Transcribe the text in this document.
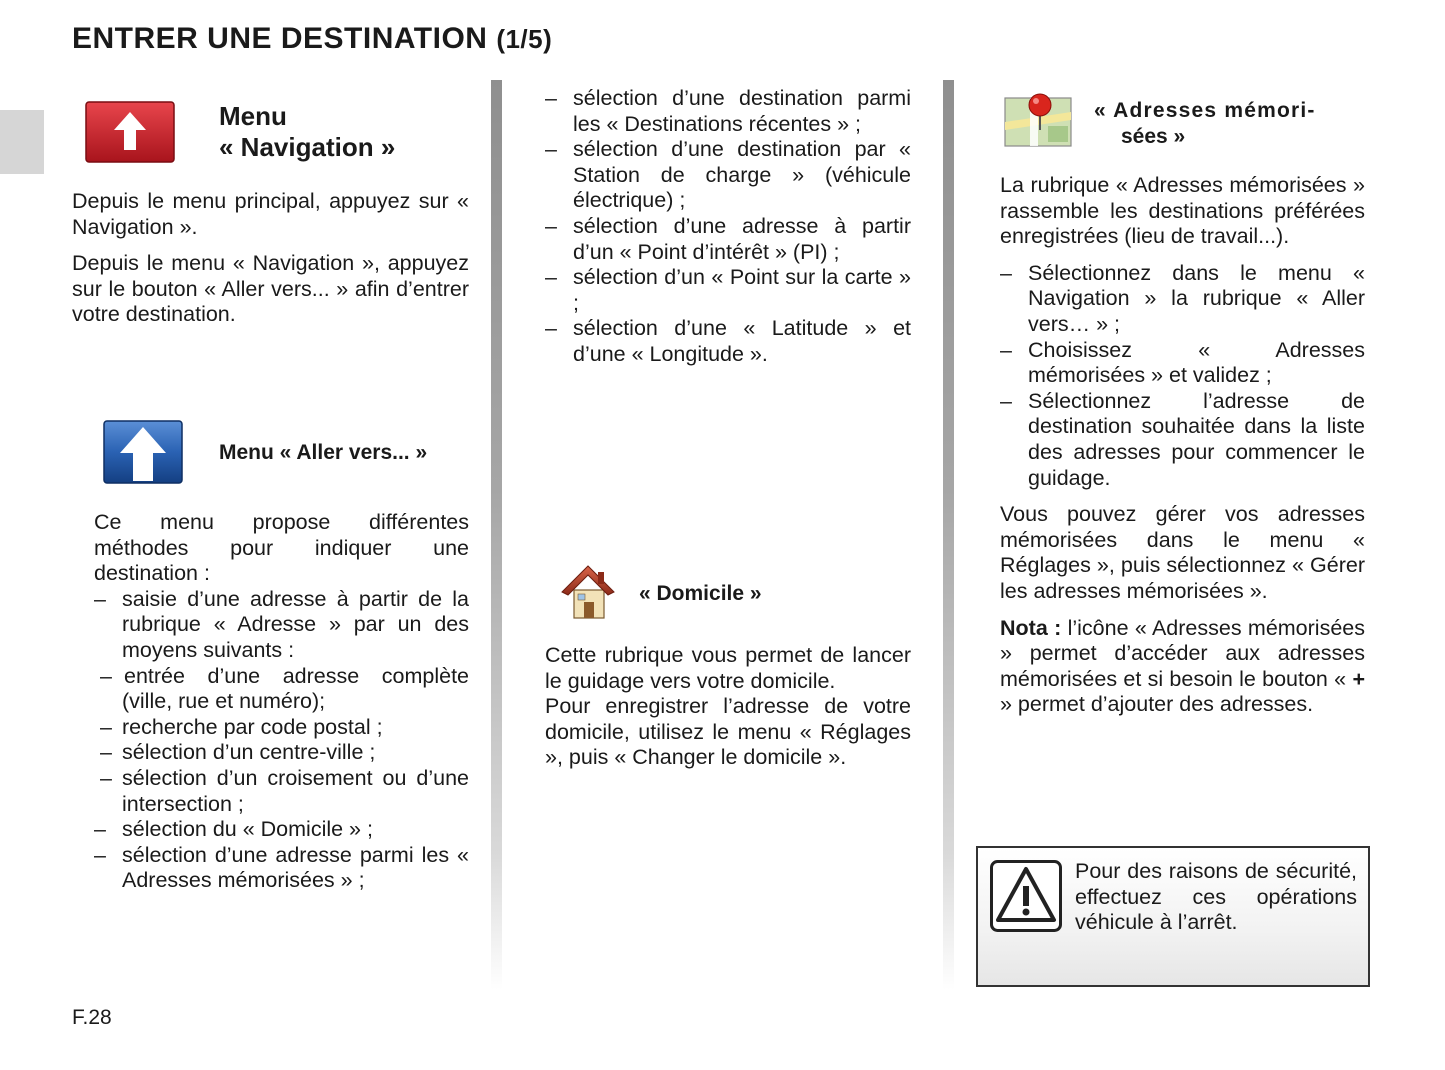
ENTRER UNE DESTINATION (1/5)
Menu
« Navigation »

Depuis le menu principal, appuyez sur « Navigation ».

Depuis le menu « Navigation », appuyez sur le bouton « Aller vers... » afin d’entrer votre destination.

Menu « Aller vers... »

Ce menu propose différentes méthodes pour indiquer une destination :

– saisie d’une adresse à partir de la rubrique « Adresse » par un des moyens suivants :
– entrée d’une adresse complète (ville, rue et numéro);
– recherche par code postal ;
– sélection d’un centre-ville ;
– sélection d’un croisement ou d’une intersection ;
– sélection du « Domicile » ;
– sélection d’une adresse parmi les « Adresses mémorisées » ;
– sélection d’une destination parmi les « Destinations récentes » ;
– sélection d’une destination par « Station de charge » (véhicule électrique) ;
– sélection d’une adresse à partir d’un « Point d’intérêt » (PI) ;
– sélection d’un « Point sur la carte » ;
– sélection d’une « Latitude » et d’une « Longitude ».
« Domicile »

Cette rubrique vous permet de lancer le guidage vers votre domicile.

Pour enregistrer l’adresse de votre domicile, utilisez le menu « Réglages », puis « Changer le domicile ».

« Adresses mémori-
sées »

La rubrique « Adresses mémorisées » rassemble les destinations préférées enregistrées (lieu de travail...).

– Sélectionnez dans le menu « Navigation » la rubrique « Aller vers… » ;
– Choisissez « Adresses mémorisées » et validez ;
– Sélectionnez l’adresse de destination souhaitée dans la liste des adresses pour commencer le guidage.

Vous pouvez gérer vos adresses mémorisées dans le menu « Réglages », puis sélectionnez « Gérer les adresses mémorisées ».

Nota : l’icône « Adresses mémorisées » permet d’accéder aux adresses mémorisées et si besoin le bouton « + » permet d’ajouter des adresses.

Pour des raisons de sécurité, effectuez ces opérations véhicule à l’arrêt.
F.28
